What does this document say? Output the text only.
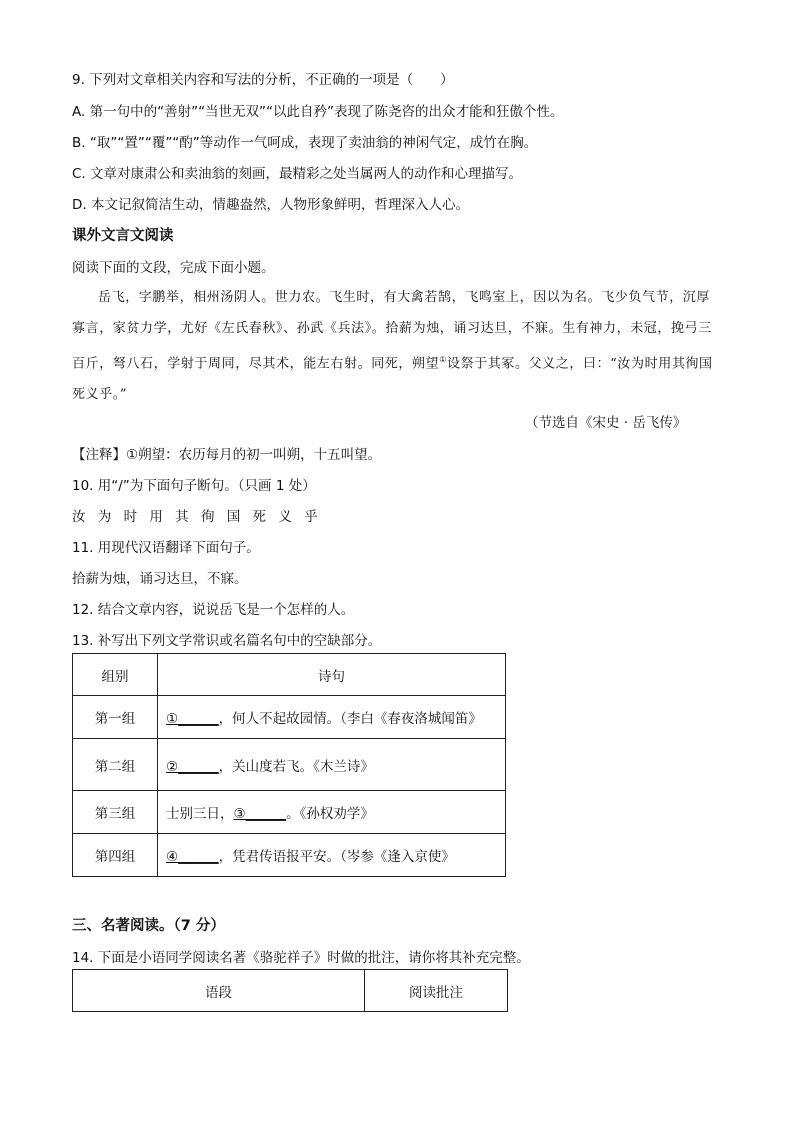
9. 下列对文章相关内容和写法的分析，不正确的一项是（　　）
A. 第一句中的“善射”“当世无双”“以此自矜”表现了陈尧咨的出众才能和狂傲个性。
B. “取”“置”“覆”“酌”等动作一气呵成，表现了卖油翁的神闲气定，成竹在胸。
C. 文章对康肃公和卖油翁的刻画，最精彩之处当属两人的动作和心理描写。
D. 本文记叙简洁生动，情趣盎然，人物形象鲜明，哲理深入人心。
课外文言文阅读
阅读下面的文段，完成下面小题。
岳飞，字鹏举，相州汤阴人。世力农。飞生时，有大禽若鹄，飞鸣室上，因以为名。飞少负气节，沉厚寡言，家贫力学，尤好《左氏春秋》、孙武《兵法》。拾薪为烛，诵习达旦，不寐。生有神力，未冠，挽弓三百斤，弩八石，学射于周同，尽其术，能左右射。同死，朔望①设祭于其冢。父义之，曰：“汝为时用其徇国死义乎。”
（节选自《宋史 · 岳飞传》
【注释】①朔望：农历每月的初一叫朔，十五叫望。
10. 用“/”为下面句子断句。（只画 1 处）
汝 为 时 用 其 徇 国 死 义 乎
11. 用现代汉语翻译下面句子。
拾薪为烛，诵习达旦，不寐。
12. 结合文章内容，说说岳飞是一个怎样的人。
13. 补写出下列文学常识或名篇名句中的空缺部分。
组别	诗句
第一组	①______，何人不起故园情。（李白《春夜洛城闻笛》
第二组	②______，关山度若飞。《木兰诗》
第三组	士别三日，③______。《孙权劝学》
第四组	④______，凭君传语报平安。（岑参《逢入京使》
三、名著阅读。（7 分）
14. 下面是小语同学阅读名著《骆驼祥子》时做的批注，请你将其补充完整。
语段	阅读批注
